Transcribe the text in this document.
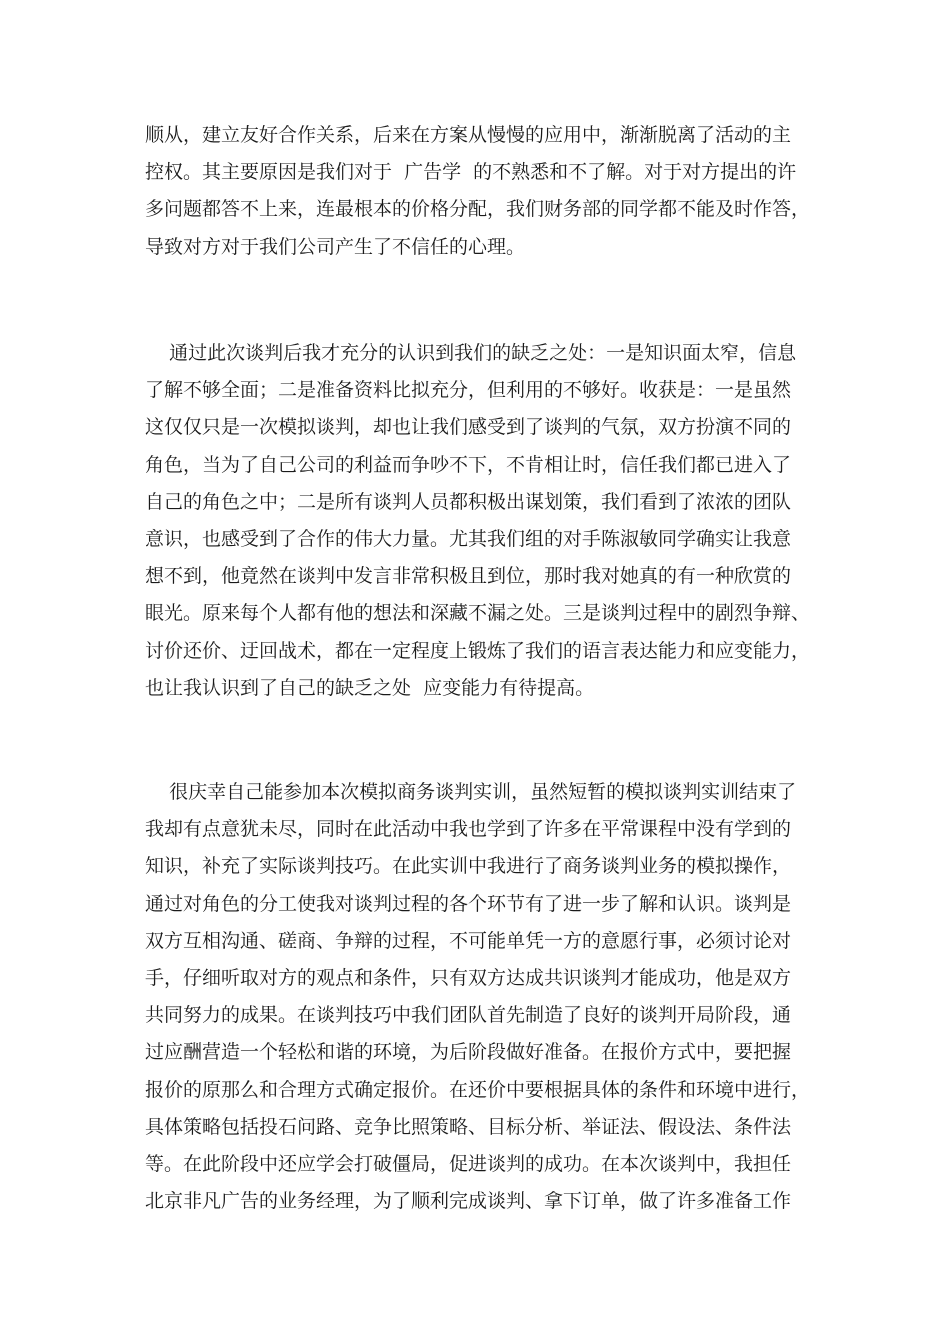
顺从，建立友好合作关系，后来在方案从慢慢的应用中，渐渐脱离了活动的主
控权。其主要原因是我们对于  广告学  的不熟悉和不了解。对于对方提出的许
多问题都答不上来，连最根本的价格分配，我们财务部的同学都不能及时作答，
导致对方对于我们公司产生了不信任的心理。

通过此次谈判后我才充分的认识到我们的缺乏之处：一是知识面太窄，信息
了解不够全面；二是准备资料比拟充分，但利用的不够好。收获是：一是虽然
这仅仅只是一次模拟谈判，却也让我们感受到了谈判的气氛，双方扮演不同的
角色，当为了自己公司的利益而争吵不下，不肯相让时，信任我们都已进入了
自己的角色之中；二是所有谈判人员都积极出谋划策，我们看到了浓浓的团队
意识，也感受到了合作的伟大力量。尤其我们组的对手陈淑敏同学确实让我意
想不到，他竟然在谈判中发言非常积极且到位，那时我对她真的有一种欣赏的
眼光。原来每个人都有他的想法和深藏不漏之处。三是谈判过程中的剧烈争辩、
讨价还价、迂回战术，都在一定程度上锻炼了我们的语言表达能力和应变能力，
也让我认识到了自己的缺乏之处  应变能力有待提高。

很庆幸自己能参加本次模拟商务谈判实训，虽然短暂的模拟谈判实训结束了
我却有点意犹未尽，同时在此活动中我也学到了许多在平常课程中没有学到的
知识，补充了实际谈判技巧。在此实训中我进行了商务谈判业务的模拟操作，
通过对角色的分工使我对谈判过程的各个环节有了进一步了解和认识。谈判是
双方互相沟通、磋商、争辩的过程，不可能单凭一方的意愿行事，必须讨论对
手，仔细听取对方的观点和条件，只有双方达成共识谈判才能成功，他是双方
共同努力的成果。在谈判技巧中我们团队首先制造了良好的谈判开局阶段，通
过应酬营造一个轻松和谐的环境，为后阶段做好准备。在报价方式中，要把握
报价的原那么和合理方式确定报价。在还价中要根据具体的条件和环境中进行，
具体策略包括投石问路、竞争比照策略、目标分析、举证法、假设法、条件法
等。在此阶段中还应学会打破僵局，促进谈判的成功。在本次谈判中，我担任
北京非凡广告的业务经理，为了顺利完成谈判、拿下订单，做了许多准备工作
